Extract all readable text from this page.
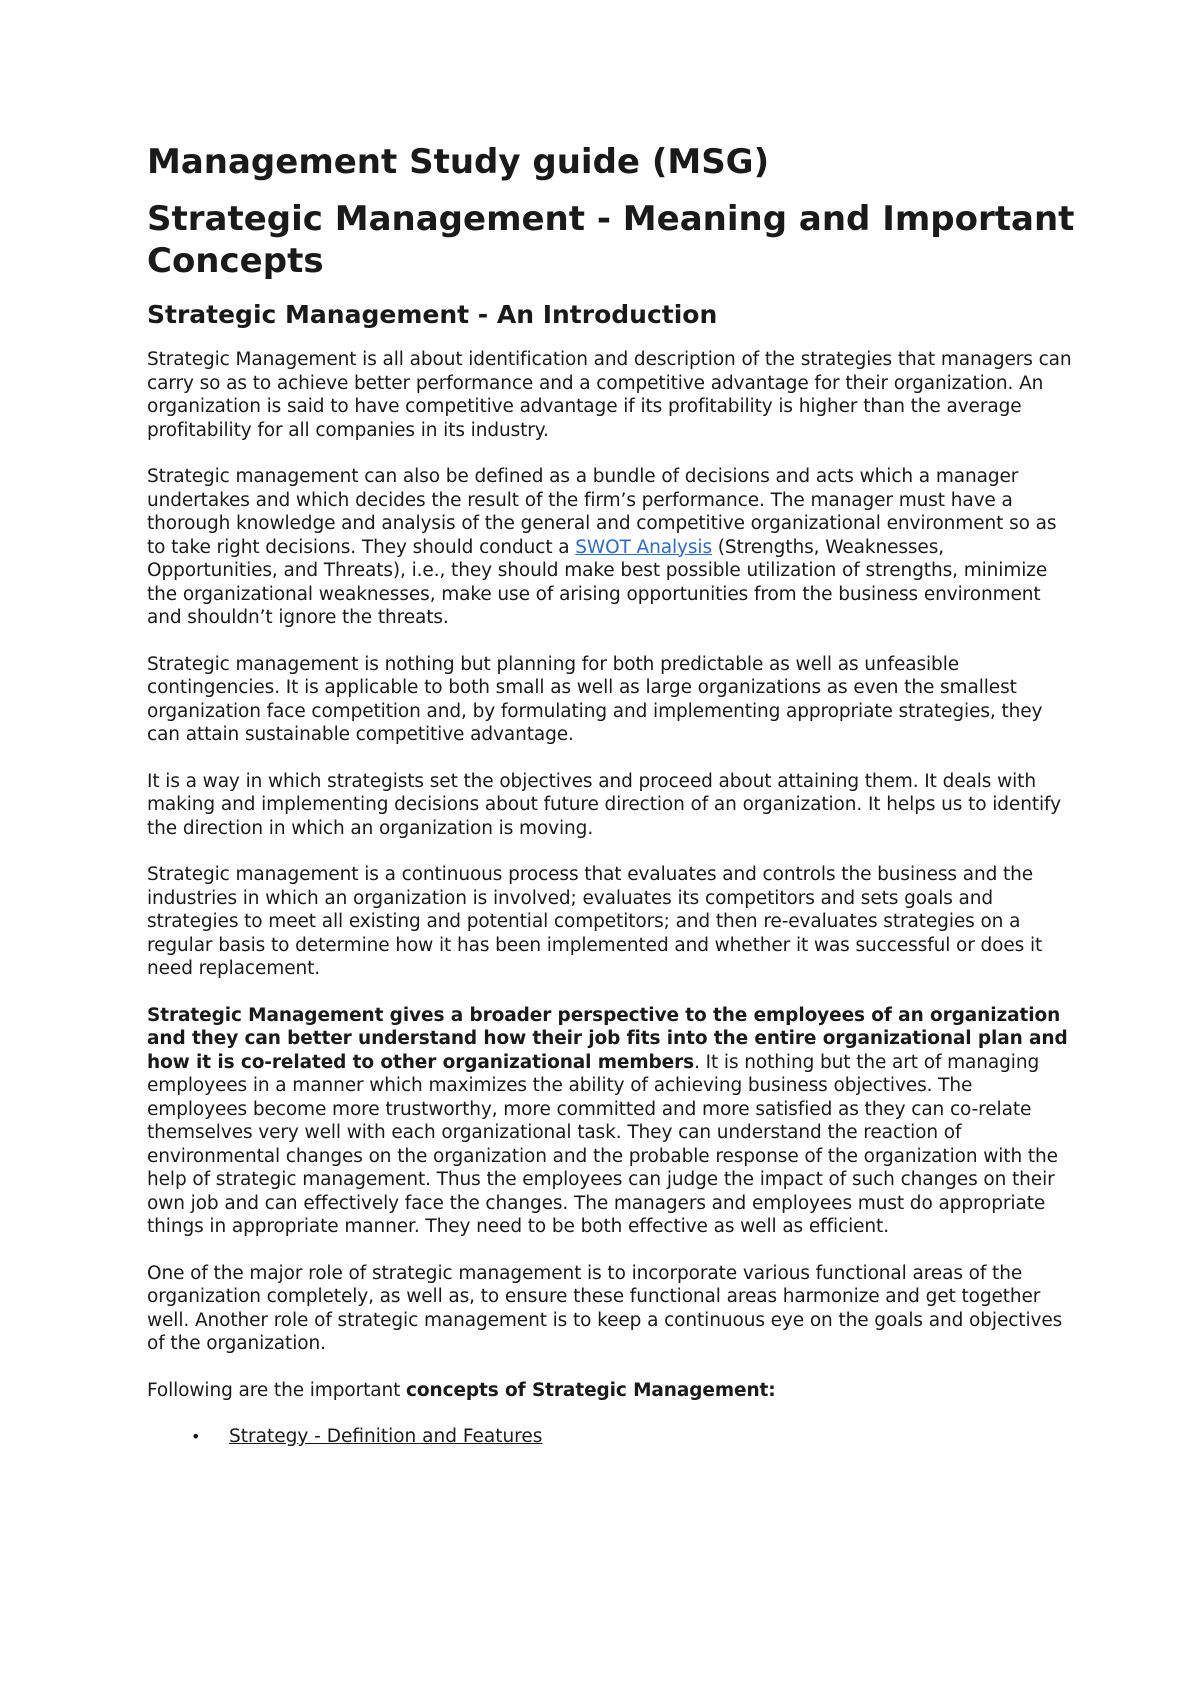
Management Study guide (MSG)
Strategic Management - Meaning and Important Concepts
Strategic Management - An Introduction

Strategic Management is all about identification and description of the strategies that managers can carry so as to achieve better performance and a competitive advantage for their organization. An organization is said to have competitive advantage if its profitability is higher than the average profitability for all companies in its industry.

Strategic management can also be defined as a bundle of decisions and acts which a manager undertakes and which decides the result of the firm’s performance. The manager must have a thorough knowledge and analysis of the general and competitive organizational environment so as to take right decisions. They should conduct a SWOT Analysis (Strengths, Weaknesses, Opportunities, and Threats), i.e., they should make best possible utilization of strengths, minimize the organizational weaknesses, make use of arising opportunities from the business environment and shouldn’t ignore the threats.

Strategic management is nothing but planning for both predictable as well as unfeasible contingencies. It is applicable to both small as well as large organizations as even the smallest organization face competition and, by formulating and implementing appropriate strategies, they can attain sustainable competitive advantage.

It is a way in which strategists set the objectives and proceed about attaining them. It deals with making and implementing decisions about future direction of an organization. It helps us to identify the direction in which an organization is moving.

Strategic management is a continuous process that evaluates and controls the business and the industries in which an organization is involved; evaluates its competitors and sets goals and strategies to meet all existing and potential competitors; and then re-evaluates strategies on a regular basis to determine how it has been implemented and whether it was successful or does it need replacement.

Strategic Management gives a broader perspective to the employees of an organization and they can better understand how their job fits into the entire organizational plan and how it is co-related to other organizational members. It is nothing but the art of managing employees in a manner which maximizes the ability of achieving business objectives. The employees become more trustworthy, more committed and more satisfied as they can co-relate themselves very well with each organizational task. They can understand the reaction of environmental changes on the organization and the probable response of the organization with the help of strategic management. Thus the employees can judge the impact of such changes on their own job and can effectively face the changes. The managers and employees must do appropriate things in appropriate manner. They need to be both effective as well as efficient.

One of the major role of strategic management is to incorporate various functional areas of the organization completely, as well as, to ensure these functional areas harmonize and get together well. Another role of strategic management is to keep a continuous eye on the goals and objectives of the organization.

Following are the important concepts of Strategic Management:

• Strategy - Definition and Features
